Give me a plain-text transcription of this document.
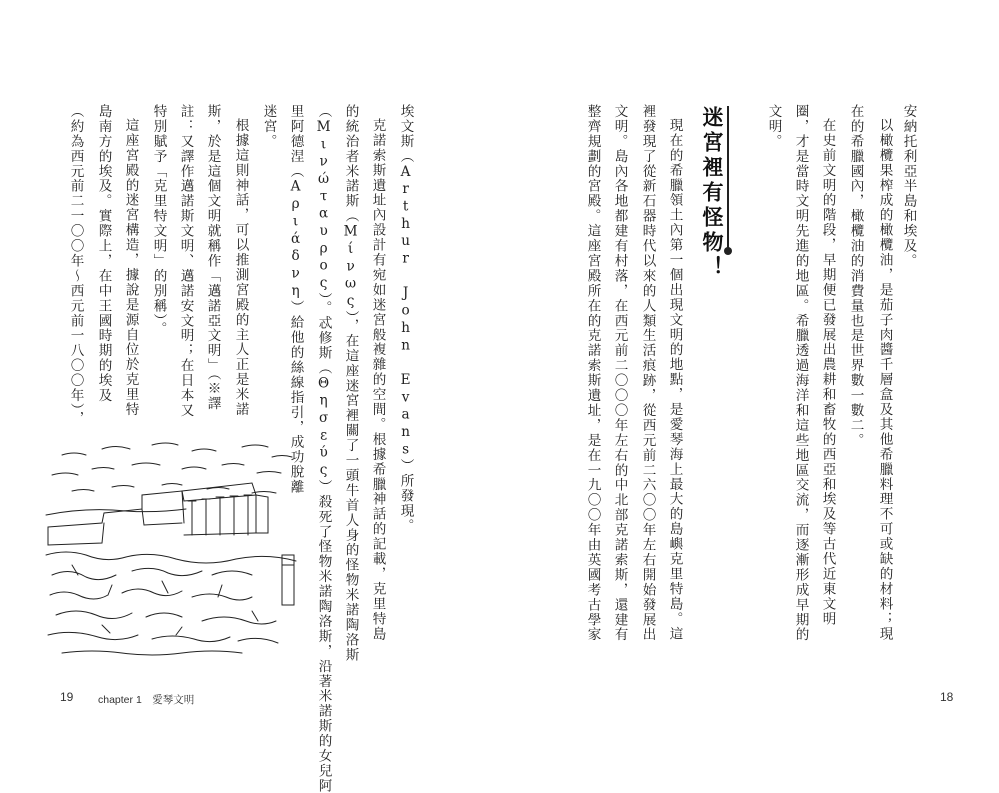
安納托利亞半島和埃及。
以橄欖果榨成的橄欖油，是茄子肉醬千層盒及其他希臘料理不可或缺的材料；現
在的希臘國內，橄欖油的消費量也是世界數一數二。
在史前文明的階段，早期便已發展出農耕和畜牧的西亞和埃及等古代近東文明
圈，才是當時文明先進的地區。希臘透過海洋和這些地區交流，而逐漸形成早期的
文明。
迷宮裡有怪物！
現在的希臘領土內第一個出現文明的地點，是愛琴海上最大的島嶼克里特島。這
裡發現了從新石器時代以來的人類生活痕跡，從西元前二六〇〇年左右開始發展出
文明。島內各地都建有村落，在西元前二〇〇〇年左右的中北部克諾索斯，還建有
整齊規劃的宮殿。這座宮殿所在的克諾索斯遺址，是在一九〇〇年由英國考古學家
埃文斯（Arthur John Evans）所發現。
克諾索斯遺址內設計有宛如迷宮般複雜的空間。根據希臘神話的記載，克里特島
的統治者米諾斯（Μίνως），在這座迷宮裡關了一頭牛首人身的怪物米諾陶洛斯
（Μινώταυρος）。忒修斯（Θησεύς）殺死了怪物米諾陶洛斯，沿著米諾斯的女兒阿
里阿德涅（Αριάδνη）給他的絲線指引，成功脫離
迷宮。
根據這則神話，可以推測宮殿的主人正是米諾
斯，於是這個文明就稱作「邁諾亞文明」（※譯
註：又譯作邁諾斯文明、邁諾安文明；在日本又
特別賦予「克里特文明」的別稱）。
這座宮殿的迷宮構造，據說是源自位於克里特
島南方的埃及。實際上，在中王國時期的埃及
（約為西元前二一〇〇年～西元前一八〇〇年），
18
19 chapter 1　愛琴文明
